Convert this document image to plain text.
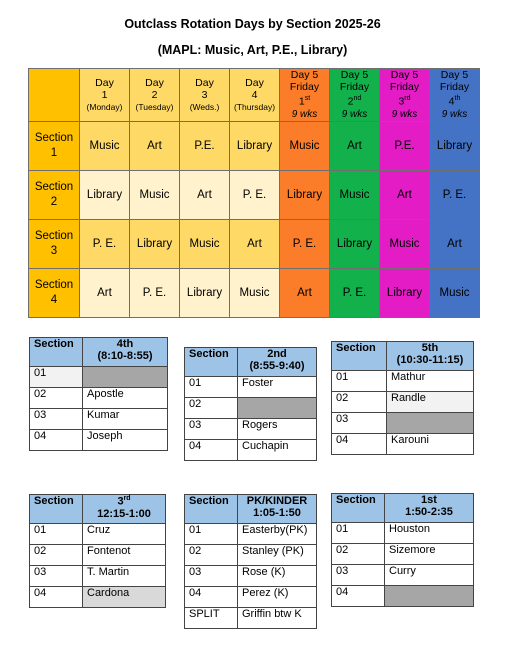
Outclass Rotation Days by Section 2025-26
(MAPL: Music, Art, P.E., Library)
	Day
1
(Monday)	Day
2
(Tuesday)	Day
3
(Weds.)	Day
4
(Thursday)	Day 5
Friday
1st
9 wks	Day 5
Friday
2nd
9 wks	Day 5
Friday
3rd
9 wks	Day 5
Friday
4th
9 wks
Section
1	Music	Art	P.E.	Library	Music	Art	P.E.	Library
Section
2	Library	Music	Art	P. E.	Library	Music	Art	P. E.
Section
3	P. E.	Library	Music	Art	P. E.	Library	Music	Art
Section
4	Art	P. E.	Library	Music	Art	P. E.	Library	Music
Section	4th
(8:10-8:55)
01	
02	Apostle
03	Kumar
04	Joseph
Section	2nd
(8:55-9:40)
01	Foster
02	
03	Rogers
04	Cuchapin
Section	5th
(10:30-11:15)
01	Mathur
02	Randle
03	
04	Karouni
Section	3rd
12:15-1:00
01	Cruz
02	Fontenot
03	T. Martin
04	Cardona
Section	PK/KINDER
1:05-1:50
01	Easterby(PK)
02	Stanley (PK)
03	Rose (K)
04	Perez (K)
SPLIT	Griffin btw K
Section	1st
1:50-2:35
01	Houston
02	Sizemore
03	Curry
04	
